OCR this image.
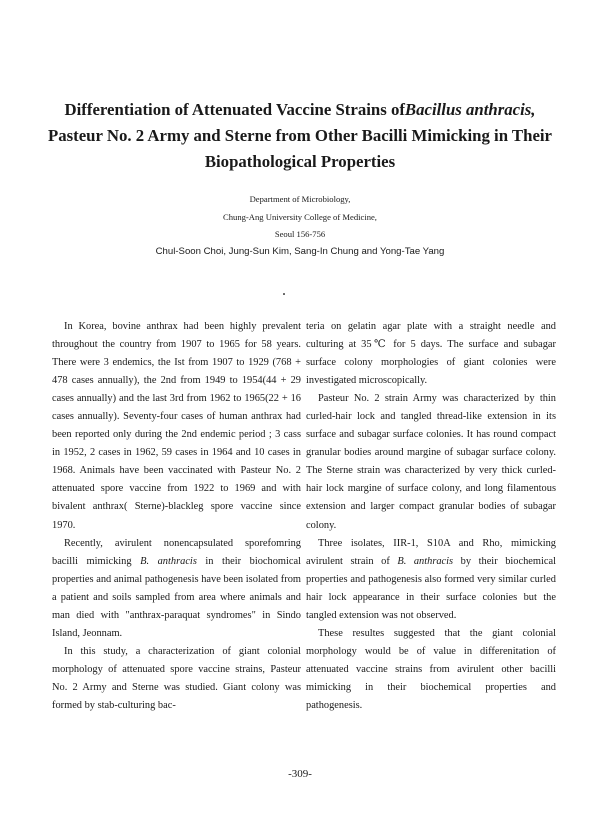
Differentiation of Attenuated Vaccine Strains ofBacillus anthracis,
Pasteur No. 2 Army and Sterne from Other Bacilli Mimicking in Their
Biopathological Properties
Department of Microbiology,
Chung-Ang University College of Medicine,
Seoul 156-756
Chul-Soon Choi, Jung-Sun Kim, Sang-In Chung and Yong-Tae Yang

In Korea, bovine anthrax had been highly prevalent throughout the country from 1907 to 1965 for 58 years. There were 3 endemics, the Ist from 1907 to 1929 (768 + 478 cases annually), the 2nd from 1949 to 1954(44 + 29 cases annually) and the last 3rd from 1962 to 1965(22 + 16 cases annually). Seventy-four cases of human anthrax had been reported only during the 2nd endemic period ; 3 cass in 1952, 2 cases in 1962, 59 cases in 1964 and 10 cases in 1968. Animals have been vaccinated with Pasteur No. 2 attenuated spore vaccine from 1922 to 1969 and with bivalent anthrax( Sterne)-blackleg spore vaccine since 1970.

Recently, avirulent nonencapsulated sporefomring bacilli mimicking B. anthracis in their biochomical properties and animal pathogenesis have been isolated from a patient and soils sampled from area where animals and man died with "anthrax-paraquat syndromes" in Sindo Island, Jeonnam.

In this study, a characterization of giant colonial morphology of attenuated spore vaccine strains, Pasteur No. 2 Army and Sterne was studied. Giant colony was formed by stab-culturing bac-

teria on gelatin agar plate with a straight needle and culturing at 35℃ for 5 days. The surface and subagar surface colony morphologies of giant colonies were investigated microscopically.

Pasteur No. 2 strain Army was characterized by thin curled-hair lock and tangled thread-like extension in its surface and subagar surface colonies. It has round compact granular bodies around margine of subagar surface colony. The Sterne strain was characterized by very thick curled-hair lock margine of surface colony, and long filamentous extension and larger compact granular bodies of subagar colony.

Three isolates, IIR-1, S10A and Rho, mimicking avirulent strain of B. anthracis by their biochemical properties and pathogenesis also formed very similar curled hair lock appearance in their surface colonies but the tangled extension was not observed.

These resultes suggested that the giant colonial morphology would be of value in differenitation of attenuated vaccine strains from avirulent other bacilli mimicking in their biochemical properties and pathogenesis.

-309-
